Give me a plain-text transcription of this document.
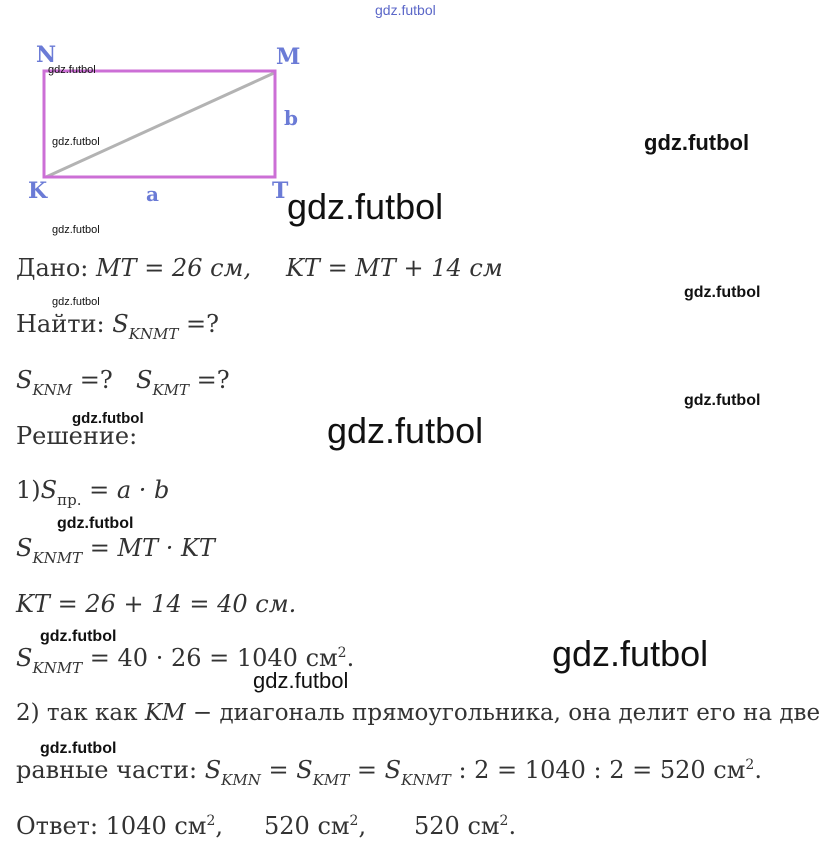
N	M
K	T
b
a
gdz.futbol
gdz.futbol
gdz.futbol
gdz.futbol
gdz.futbol
gdz.futbol
gdz.futbol
gdz.futbol
gdz.futbol
gdz.futbol	gdz.futbol
gdz.futbol
gdz.futbol	gdz.futbol
gdz.futbol
gdz.futbol
Дано: MT = 26 см, KT = MT + 14 см
Найти: $S_{KNMT}$ =?
$S_{KNM}$ =? $S_{KMT}$ =?
Решение:
$1)S_{пр.} = a \cdot b$
$S_{KNMT}$ = MT · KT
KT = 26 + 14 = 40 см.
$S_{KNMT} = 40 \cdot 26 = 1040$ $см^2$.
2) так как KM − диагональ прямоугольника, она делит его на две
равные части: $S_{KMN} = S_{KMT} = S_{KNMT}$ : 2 = 1040 : 2 = 520 $см^2$.
Ответ: 1040 $см^2$, 520 $см^2$, 520 $см^2$.
